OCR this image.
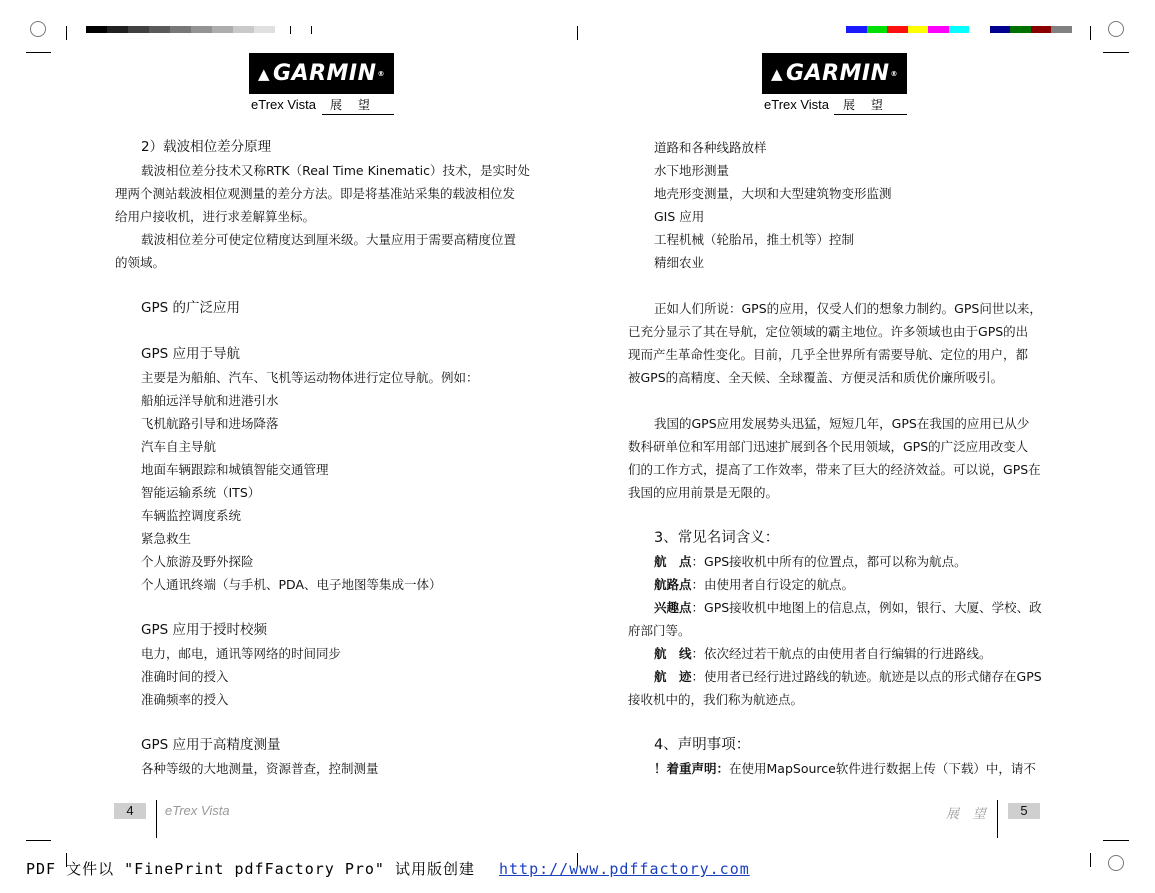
▲ GARMIN ®
eTrex Vista 展 望
▲ GARMIN ®
eTrex Vista 展 望
2）载波相位差分原理
载波相位差分技术又称RTK（Real Time Kinematic）技术，是实时处
理两个测站载波相位观测量的差分方法。即是将基准站采集的载波相位发
给用户接收机，进行求差解算坐标。
载波相位差分可使定位精度达到厘米级。大量应用于需要高精度位置
的领域。
GPS 的广泛应用
GPS 应用于导航
主要是为船舶、汽车、飞机等运动物体进行定位导航。例如：
船舶远洋导航和进港引水
飞机航路引导和进场降落
汽车自主导航
地面车辆跟踪和城镇智能交通管理
智能运输系统（ITS）
车辆监控调度系统
紧急救生
个人旅游及野外探险
个人通讯终端（与手机、PDA、电子地图等集成一体）
GPS 应用于授时校频
电力，邮电，通讯等网络的时间同步
准确时间的授入
准确频率的授入
GPS 应用于高精度测量
各种等级的大地测量，资源普查，控制测量
道路和各种线路放样
水下地形测量
地壳形变测量，大坝和大型建筑物变形监测
GIS 应用
工程机械（轮胎吊，推土机等）控制
精细农业
正如人们所说：GPS的应用，仅受人们的想象力制约。GPS问世以来，
已充分显示了其在导航，定位领域的霸主地位。许多领域也由于GPS的出
现而产生革命性变化。目前，几乎全世界所有需要导航、定位的用户，都
被GPS的高精度、全天候、全球覆盖、方便灵活和质优价廉所吸引。
我国的GPS应用发展势头迅猛，短短几年，GPS在我国的应用已从少
数科研单位和军用部门迅速扩展到各个民用领域，GPS的广泛应用改变人
们的工作方式，提高了工作效率，带来了巨大的经济效益。可以说，GPS在
我国的应用前景是无限的。
3、常见名词含义：
航　点：GPS接收机中所有的位置点，都可以称为航点。
航路点：由使用者自行设定的航点。
兴趣点：GPS接收机中地图上的信息点，例如，银行、大厦、学校、政
府部门等。
航　线：依次经过若干航点的由使用者自行编辑的行进路线。
航　迹：使用者已经行进过路线的轨迹。航迹是以点的形式储存在GPS
接收机中的，我们称为航迹点。
4、声明事项：
！着重声明：在使用MapSource软件进行数据上传（下载）中，请不
4	eTrex Vista	展 望	5
PDF 文件以 "FinePrint pdfFactory Pro" 试用版创建 http://www.pdffactory.com
